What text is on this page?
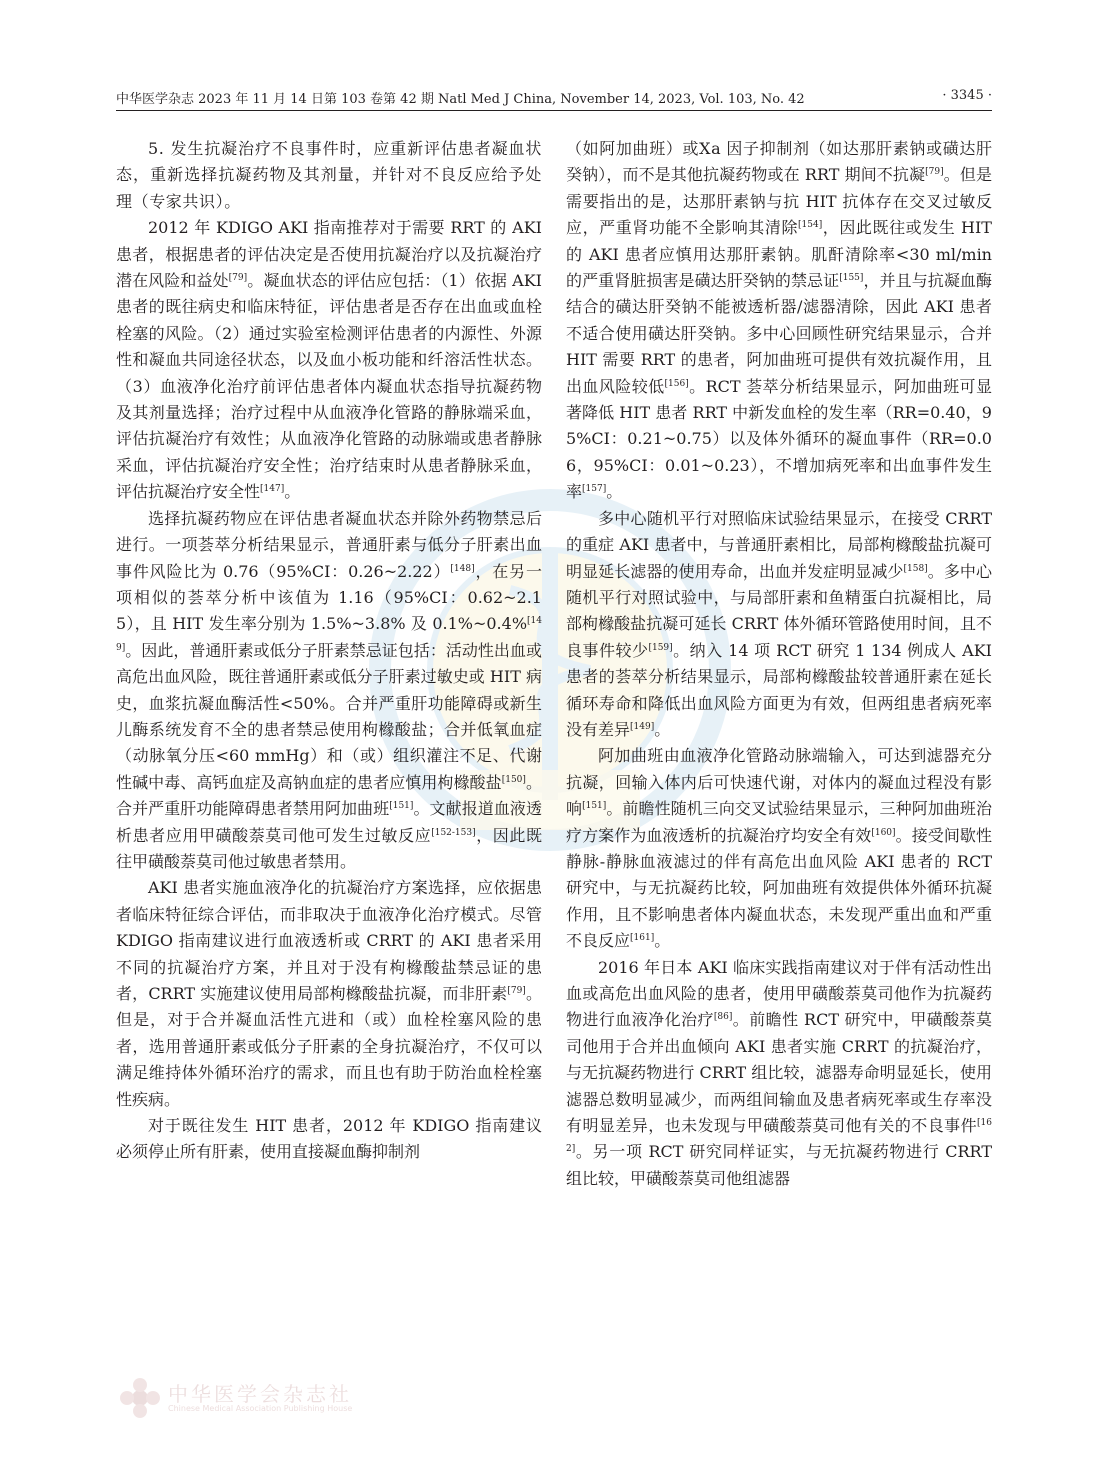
中华医学杂志 2023 年 11 月 14 日第 103 卷第 42 期 Natl Med J China, November 14, 2023, Vol. 103, No. 42	· 3345 ·

5. 发生抗凝治疗不良事件时，应重新评估患者凝血状态，重新选择抗凝药物及其剂量，并针对不良反应给予处理（专家共识）。

2012 年 KDIGO AKI 指南推荐对于需要 RRT 的 AKI 患者，根据患者的评估决定是否使用抗凝治疗以及抗凝治疗潜在风险和益处[79]。凝血状态的评估应包括：（1）依据 AKI 患者的既往病史和临床特征，评估患者是否存在出血或血栓栓塞的风险。（2）通过实验室检测评估患者的内源性、外源性和凝血共同途径状态，以及血小板功能和纤溶活性状态。（3）血液净化治疗前评估患者体内凝血状态指导抗凝药物及其剂量选择；治疗过程中从血液净化管路的静脉端采血，评估抗凝治疗有效性；从血液净化管路的动脉端或患者静脉采血，评估抗凝治疗安全性；治疗结束时从患者静脉采血，评估抗凝治疗安全性[147]。

选择抗凝药物应在评估患者凝血状态并除外药物禁忌后进行。一项荟萃分析结果显示，普通肝素与低分子肝素出血事件风险比为 0.76（95%CI：0.26~2.22）[148]，在另一项相似的荟萃分析中该值为 1.16（95%CI：0.62~2.15），且 HIT 发生率分别为 1.5%~3.8% 及 0.1%~0.4%[149]。因此，普通肝素或低分子肝素禁忌证包括：活动性出血或高危出血风险，既往普通肝素或低分子肝素过敏史或 HIT 病史，血浆抗凝血酶活性<50%。合并严重肝功能障碍或新生儿酶系统发育不全的患者禁忌使用枸橼酸盐；合并低氧血症（动脉氧分压<60 mmHg）和（或）组织灌注不足、代谢性碱中毒、高钙血症及高钠血症的患者应慎用枸橼酸盐[150]。合并严重肝功能障碍患者禁用阿加曲班[151]。文献报道血液透析患者应用甲磺酸萘莫司他可发生过敏反应[152-153]，因此既往甲磺酸萘莫司他过敏患者禁用。

AKI 患者实施血液净化的抗凝治疗方案选择，应依据患者临床特征综合评估，而非取决于血液净化治疗模式。尽管 KDIGO 指南建议进行血液透析或 CRRT 的 AKI 患者采用不同的抗凝治疗方案，并且对于没有枸橼酸盐禁忌证的患者，CRRT 实施建议使用局部枸橼酸盐抗凝，而非肝素[79]。但是，对于合并凝血活性亢进和（或）血栓栓塞风险的患者，选用普通肝素或低分子肝素的全身抗凝治疗，不仅可以满足维持体外循环治疗的需求，而且也有助于防治血栓栓塞性疾病。

对于既往发生 HIT 患者，2012 年 KDIGO 指南建议必须停止所有肝素，使用直接凝血酶抑制剂

（如阿加曲班）或Ⅹa 因子抑制剂（如达那肝素钠或磺达肝癸钠），而不是其他抗凝药物或在 RRT 期间不抗凝[79]。但是需要指出的是，达那肝素钠与抗 HIT 抗体存在交叉过敏反应，严重肾功能不全影响其清除[154]，因此既往或发生 HIT 的 AKI 患者应慎用达那肝素钠。肌酐清除率<30 ml/min 的严重肾脏损害是磺达肝癸钠的禁忌证[155]，并且与抗凝血酶结合的磺达肝癸钠不能被透析器/滤器清除，因此 AKI 患者不适合使用磺达肝癸钠。多中心回顾性研究结果显示，合并 HIT 需要 RRT 的患者，阿加曲班可提供有效抗凝作用，且出血风险较低[156]。RCT 荟萃分析结果显示，阿加曲班可显著降低 HIT 患者 RRT 中新发血栓的发生率（RR=0.40，95%CI：0.21~0.75）以及体外循环的凝血事件（RR=0.06，95%CI：0.01~0.23），不增加病死率和出血事件发生率[157]。

多中心随机平行对照临床试验结果显示，在接受 CRRT 的重症 AKI 患者中，与普通肝素相比，局部枸橼酸盐抗凝可明显延长滤器的使用寿命，出血并发症明显减少[158]。多中心随机平行对照试验中，与局部肝素和鱼精蛋白抗凝相比，局部枸橼酸盐抗凝可延长 CRRT 体外循环管路使用时间，且不良事件较少[159]。纳入 14 项 RCT 研究 1 134 例成人 AKI 患者的荟萃分析结果显示，局部枸橼酸盐较普通肝素在延长循环寿命和降低出血风险方面更为有效，但两组患者病死率没有差异[149]。

阿加曲班由血液净化管路动脉端输入，可达到滤器充分抗凝，回输入体内后可快速代谢，对体内的凝血过程没有影响[151]。前瞻性随机三向交叉试验结果显示，三种阿加曲班治疗方案作为血液透析的抗凝治疗均安全有效[160]。接受间歇性静脉-静脉血液滤过的伴有高危出血风险 AKI 患者的 RCT 研究中，与无抗凝药比较，阿加曲班有效提供体外循环抗凝作用，且不影响患者体内凝血状态，未发现严重出血和严重不良反应[161]。

2016 年日本 AKI 临床实践指南建议对于伴有活动性出血或高危出血风险的患者，使用甲磺酸萘莫司他作为抗凝药物进行血液净化治疗[86]。前瞻性 RCT 研究中，甲磺酸萘莫司他用于合并出血倾向 AKI 患者实施 CRRT 的抗凝治疗，与无抗凝药物进行 CRRT 组比较，滤器寿命明显延长，使用滤器总数明显减少，而两组间输血及患者病死率或生存率没有明显差异，也未发现与甲磺酸萘莫司他有关的不良事件[162]。另一项 RCT 研究同样证实，与无抗凝药物进行 CRRT 组比较，甲磺酸萘莫司他组滤器

中华医学会杂志社
Chinese Medical Association Publishing House
